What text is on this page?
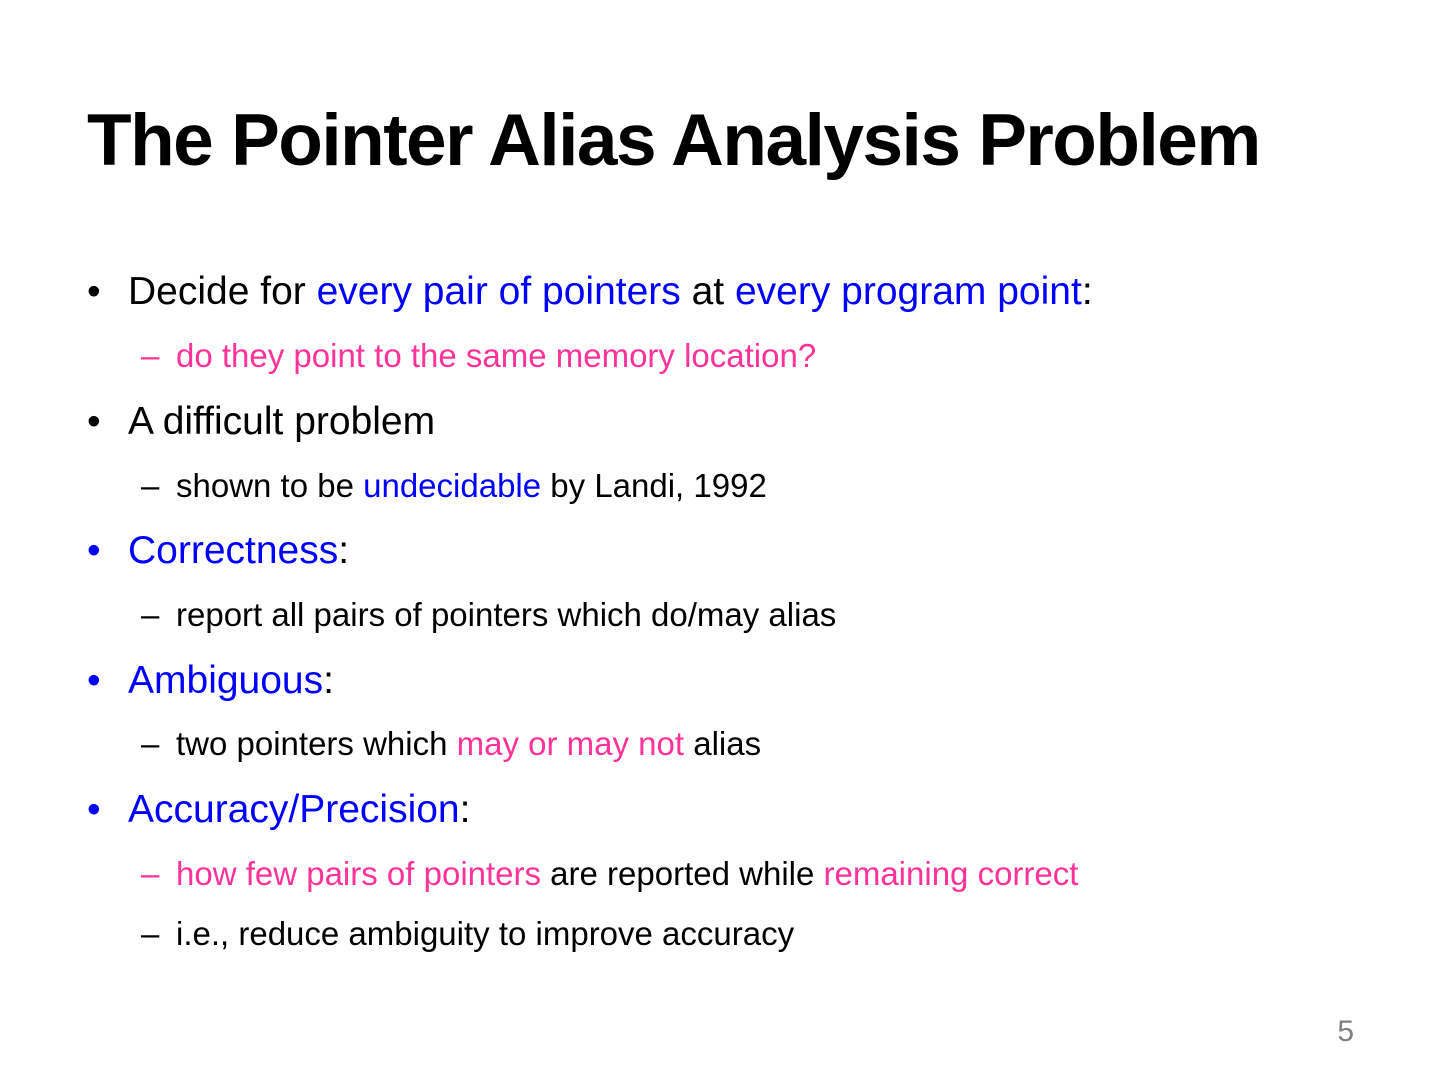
The Pointer Alias Analysis Problem
• Decide for every pair of pointers at every program point:
– do they point to the same memory location?
• A difficult problem
– shown to be undecidable by Landi, 1992
• Correctness:
– report all pairs of pointers which do/may alias
• Ambiguous:
– two pointers which may or may not alias
• Accuracy/Precision:
– how few pairs of pointers are reported while remaining correct
– i.e., reduce ambiguity to improve accuracy
5
